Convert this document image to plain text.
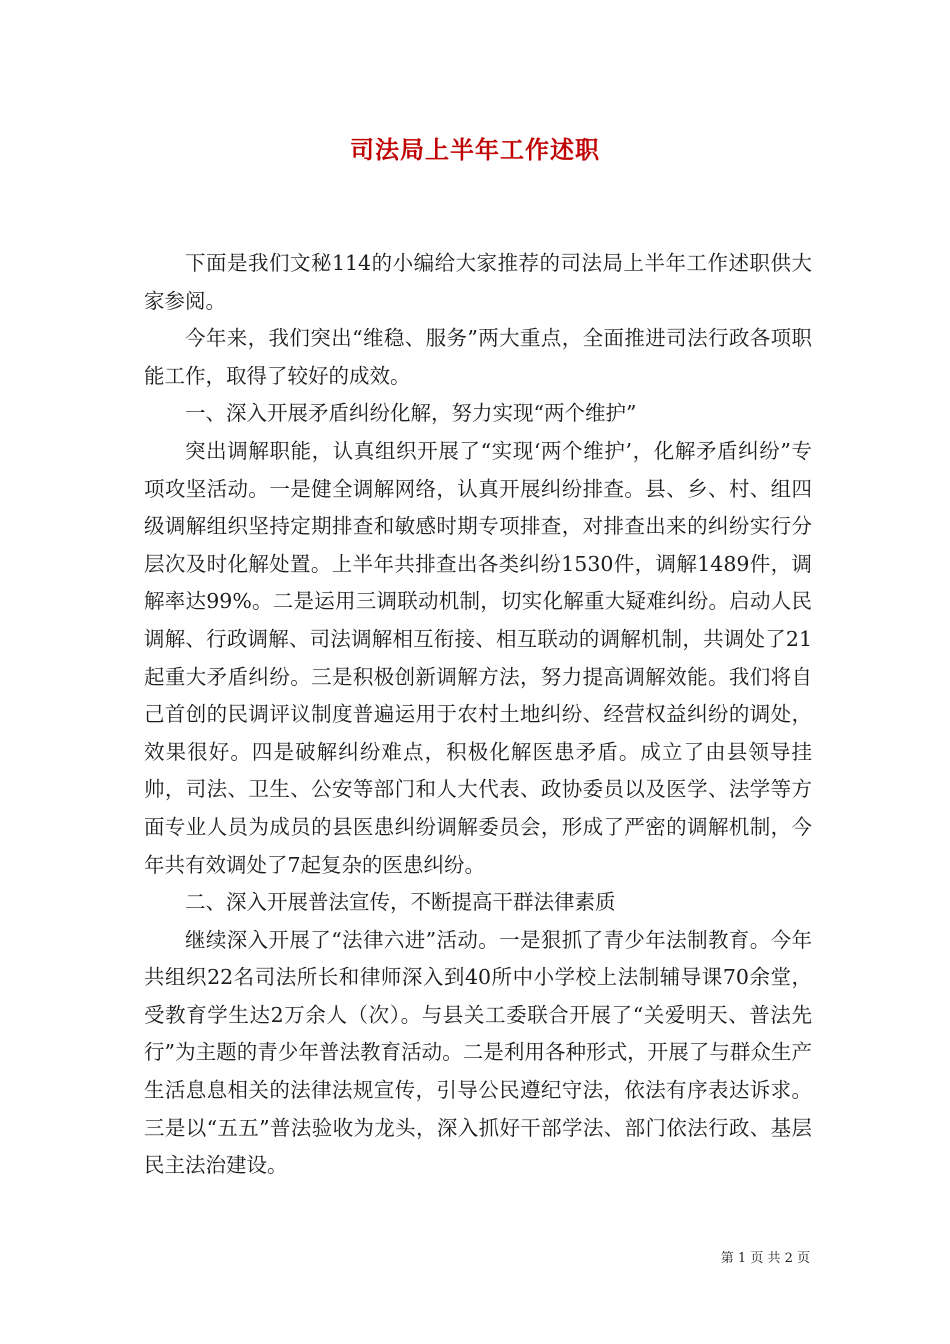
司法局上半年工作述职

下面是我们文秘114的小编给大家推荐的司法局上半年工作述职供大家参阅。

今年来，我们突出“维稳、服务”两大重点，全面推进司法行政各项职能工作，取得了较好的成效。

一、深入开展矛盾纠纷化解，努力实现“两个维护”

突出调解职能，认真组织开展了“实现‘两个维护’，化解矛盾纠纷”专项攻坚活动。一是健全调解网络，认真开展纠纷排查。县、乡、村、组四级调解组织坚持定期排查和敏感时期专项排查，对排查出来的纠纷实行分层次及时化解处置。上半年共排查出各类纠纷1530件，调解1489件，调解率达99%。二是运用三调联动机制，切实化解重大疑难纠纷。启动人民调解、行政调解、司法调解相互衔接、相互联动的调解机制，共调处了21起重大矛盾纠纷。三是积极创新调解方法，努力提高调解效能。我们将自己首创的民调评议制度普遍运用于农村土地纠纷、经营权益纠纷的调处，效果很好。四是破解纠纷难点，积极化解医患矛盾。成立了由县领导挂帅，司法、卫生、公安等部门和人大代表、政协委员以及医学、法学等方面专业人员为成员的县医患纠纷调解委员会，形成了严密的调解机制，今年共有效调处了7起复杂的医患纠纷。

二、深入开展普法宣传，不断提高干群法律素质

继续深入开展了“法律六进”活动。一是狠抓了青少年法制教育。今年共组织22名司法所长和律师深入到40所中小学校上法制辅导课70余堂，受教育学生达2万余人（次）。与县关工委联合开展了“关爱明天、普法先行”为主题的青少年普法教育活动。二是利用各种形式，开展了与群众生产生活息息相关的法律法规宣传，引导公民遵纪守法，依法有序表达诉求。三是以“五五”普法验收为龙头，深入抓好干部学法、部门依法行政、基层民主法治建设。

第 1 页 共 2 页
